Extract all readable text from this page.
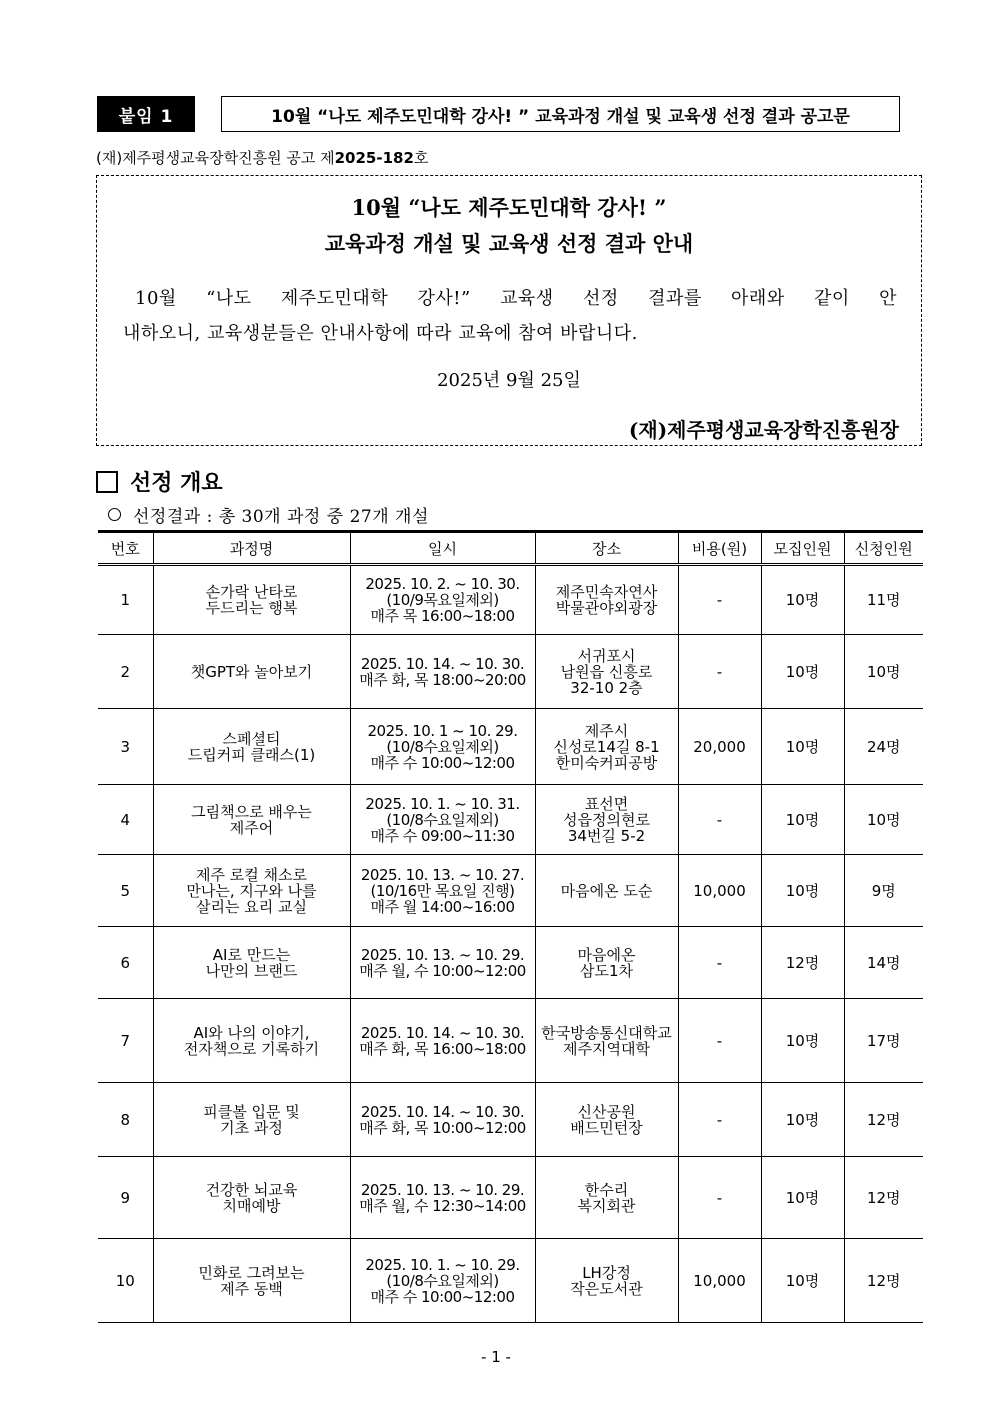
붙임 1	10월 “나도 제주도민대학 강사! ” 교육과정 개설 및 교육생 선정 결과 공고문
(재)제주평생교육장학진흥원 공고 제2025-182호
10월 “나도 제주도민대학 강사! ”
교육과정 개설 및 교육생 선정 결과 안내
10월 “나도 제주도민대학 강사!” 교육생 선정 결과를 아래와 같이 안
내하오니, 교육생분들은 안내사항에 따라 교육에 참여 바랍니다.
2025년 9월 25일
(재)제주평생교육장학진흥원장
선정 개요
선정결과 : 총 30개 과정 중 27개 개설
번호	과정명	일시	장소	비용(원)	모집인원	신청인원
1	손가락 난타로
두드리는 행복	2025. 10. 2. ~ 10. 30.
(10/9목요일제외)
매주 목 16:00~18:00	제주민속자연사
박물관야외광장	-	10명	11명
2	챗GPT와 놀아보기	2025. 10. 14. ~ 10. 30.
매주 화, 목 18:00~20:00	서귀포시
남원읍 신흥로
32-10 2층	-	10명	10명
3	스페셜티
드립커피 클래스(1)	2025. 10. 1 ~ 10. 29.
(10/8수요일제외)
매주 수 10:00~12:00	제주시
신성로14길 8-1
한미숙커피공방	20,000	10명	24명
4	그림책으로 배우는
제주어	2025. 10. 1. ~ 10. 31.
(10/8수요일제외)
매주 수 09:00~11:30	표선면
성읍정의현로
34번길 5-2	-	10명	10명
5	제주 로컬 채소로
만나는, 지구와 나를
살리는 요리 교실	2025. 10. 13. ~ 10. 27.
(10/16만 목요일 진행)
매주 월 14:00~16:00	마음에온 도순	10,000	10명	9명
6	AI로 만드는
나만의 브랜드	2025. 10. 13. ~ 10. 29.
매주 월, 수 10:00~12:00	마음에온
삼도1차	-	12명	14명
7	AI와 나의 이야기,
전자책으로 기록하기	2025. 10. 14. ~ 10. 30.
매주 화, 목 16:00~18:00	한국방송통신대학교
제주지역대학	-	10명	17명
8	피클볼 입문 및
기초 과정	2025. 10. 14. ~ 10. 30.
매주 화, 목 10:00~12:00	신산공원
배드민턴장	-	10명	12명
9	건강한 뇌교육
치매예방	2025. 10. 13. ~ 10. 29.
매주 월, 수 12:30~14:00	한수리
복지회관	-	10명	12명
10	민화로 그려보는
제주 동백	2025. 10. 1. ~ 10. 29.
(10/8수요일제외)
매주 수 10:00~12:00	LH강정
작은도서관	10,000	10명	12명
- 1 -
